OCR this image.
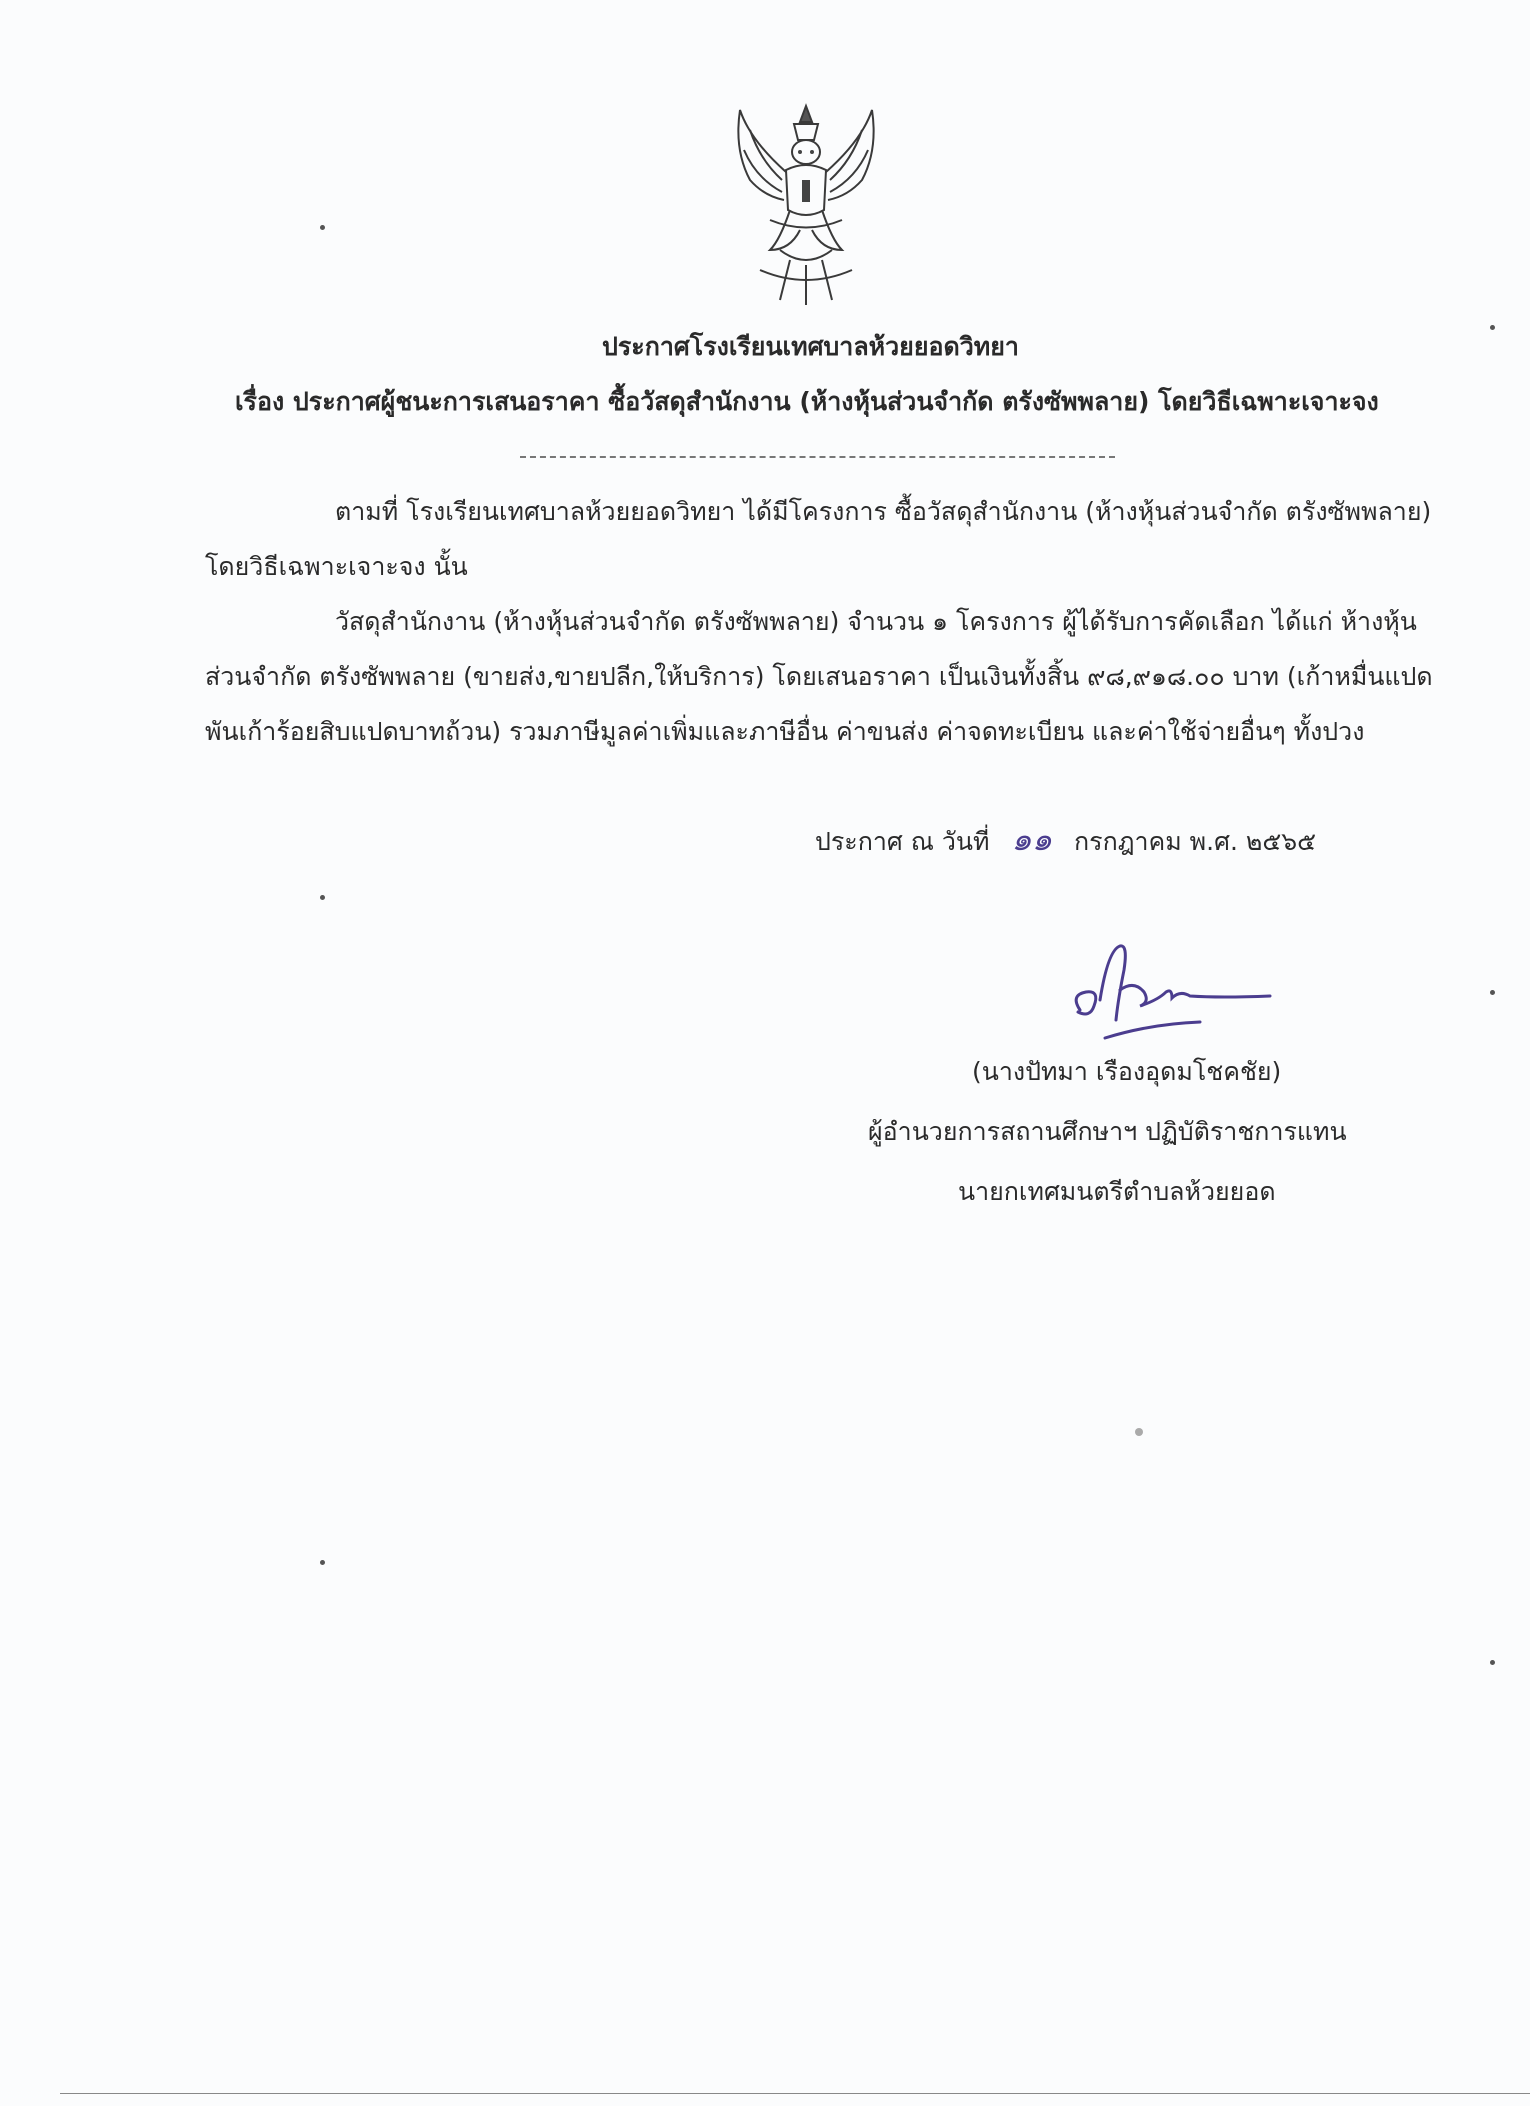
ประกาศโรงเรียนเทศบาลห้วยยอดวิทยา
เรื่อง ประกาศผู้ชนะการเสนอราคา ซื้อวัสดุสำนักงาน (ห้างหุ้นส่วนจำกัด ตรังซัพพลาย) โดยวิธีเฉพาะเจาะจง
ตามที่ โรงเรียนเทศบาลห้วยยอดวิทยา ได้มีโครงการ ซื้อวัสดุสำนักงาน (ห้างหุ้นส่วนจำกัด ตรังซัพพลาย)
โดยวิธีเฉพาะเจาะจง นั้น
วัสดุสำนักงาน (ห้างหุ้นส่วนจำกัด ตรังซัพพลาย) จำนวน ๑ โครงการ ผู้ได้รับการคัดเลือก ได้แก่ ห้างหุ้น
ส่วนจำกัด ตรังซัพพลาย (ขายส่ง,ขายปลีก,ให้บริการ) โดยเสนอราคา เป็นเงินทั้งสิ้น ๙๘,๙๑๘.๐๐ บาท (เก้าหมื่นแปด
พันเก้าร้อยสิบแปดบาทถ้วน) รวมภาษีมูลค่าเพิ่มและภาษีอื่น ค่าขนส่ง ค่าจดทะเบียน และค่าใช้จ่ายอื่นๆ ทั้งปวง
ประกาศ ณ วันที่ ๑๑ กรกฎาคม พ.ศ. ๒๕๖๕
(นางปัทมา เรืองอุดมโชคชัย)
ผู้อำนวยการสถานศึกษาฯ ปฏิบัติราชการแทน
นายกเทศมนตรีตำบลห้วยยอด
